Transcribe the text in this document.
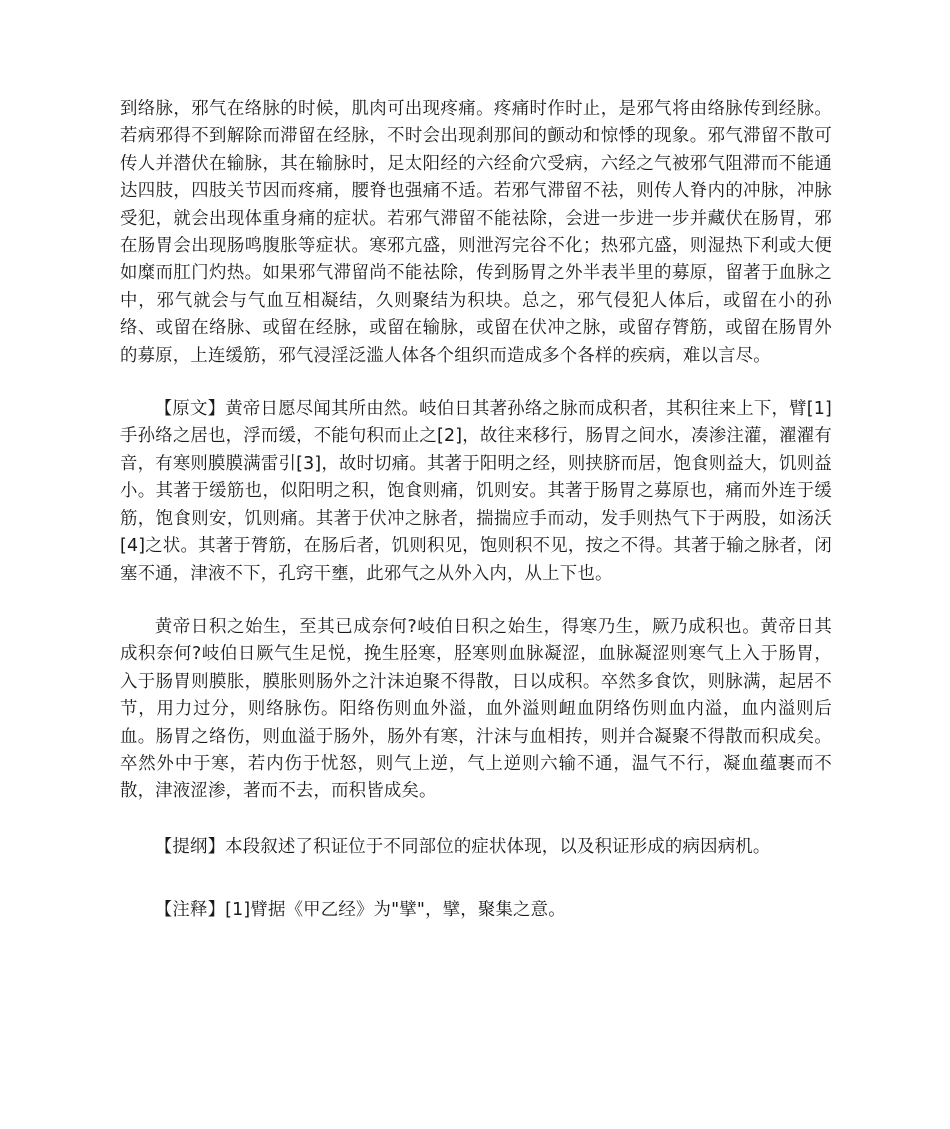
到络脉，邪气在络脉的时候，肌肉可出现疼痛。疼痛时作时止，是邪气将由络脉传到经脉。若病邪得不到解除而滞留在经脉，不时会出现刹那间的颤动和惊悸的现象。邪气滞留不散可传人并潜伏在输脉，其在输脉时，足太阳经的六经俞穴受病，六经之气被邪气阻滞而不能通达四肢，四肢关节因而疼痛，腰脊也强痛不适。若邪气滞留不祛，则传人脊内的冲脉，冲脉受犯，就会出现体重身痛的症状。若邪气滞留不能祛除，会进一步进一步并藏伏在肠胃，邪在肠胃会出现肠鸣腹胀等症状。寒邪亢盛，则泄泻完谷不化；热邪亢盛，则湿热下利或大便如糜而肛门灼热。如果邪气滞留尚不能祛除，传到肠胃之外半表半里的募原，留著于血脉之中，邪气就会与气血互相凝结，久则聚结为积块。总之，邪气侵犯人体后，或留在小的孙络、或留在络脉、或留在经脉，或留在输脉，或留在伏冲之脉，或留存膂筋，或留在肠胃外的募原，上连缓筋，邪气浸淫泛滥人体各个组织而造成多个各样的疾病，难以言尽。

【原文】黄帝日愿尽闻其所由然。岐伯日其著孙络之脉而成积者，其积往来上下，臂[1]手孙络之居也，浮而缓，不能句积而止之[2]，故往来移行，肠胃之间水，凑渗注灌，濯濯有音，有寒则膜膜满雷引[3]，故时切痛。其著于阳明之经，则挟脐而居，饱食则益大，饥则益小。其著于缓筋也，似阳明之积，饱食则痛，饥则安。其著于肠胃之募原也，痛而外连于缓筋，饱食则安，饥则痛。其著于伏冲之脉者，揣揣应手而动，发手则热气下于两股，如汤沃[4]之状。其著于膂筋，在肠后者，饥则积见，饱则积不见，按之不得。其著于输之脉者，闭塞不通，津液不下，孔窍干壅，此邪气之从外入内，从上下也。

黄帝日积之始生，至其已成奈何?岐伯日积之始生，得寒乃生，厥乃成积也。黄帝日其成积奈何?岐伯日厥气生足悦，挽生胫寒，胫寒则血脉凝涩，血脉凝涩则寒气上入于肠胃，入于肠胃则膜胀，膜胀则肠外之汁沫迫聚不得散，日以成积。卒然多食饮，则脉满，起居不节，用力过分，则络脉伤。阳络伤则血外溢，血外溢则衄血阴络伤则血内溢，血内溢则后血。肠胃之络伤，则血溢于肠外，肠外有寒，汁沫与血相抟，则并合凝聚不得散而积成矣。卒然外中于寒，若内伤于忧怒，则气上逆，气上逆则六输不通，温气不行，凝血蕴裹而不散，津液涩渗，著而不去，而积皆成矣。

【提纲】本段叙述了积证位于不同部位的症状体现，以及积证形成的病因病机。

【注释】[1]臂据《甲乙经》为"擘"，擘，聚集之意。
